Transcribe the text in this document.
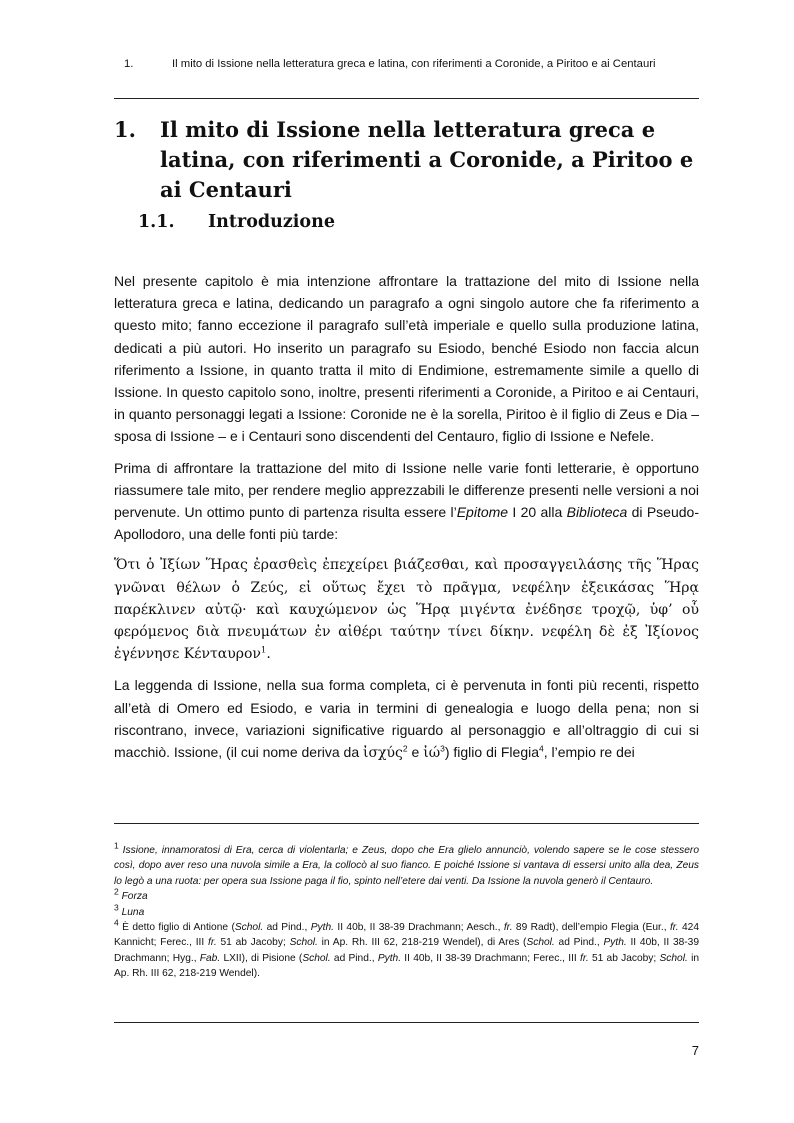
1.	Il mito di Issione nella letteratura greca e latina, con riferimenti a Coronide, a Piritoo e ai Centauri
1. Il mito di Issione nella letteratura greca e latina, con riferimenti a Coronide, a Piritoo e ai Centauri
1.1. Introduzione

Nel presente capitolo è mia intenzione affrontare la trattazione del mito di Issione nella letteratura greca e latina, dedicando un paragrafo a ogni singolo autore che fa riferimento a questo mito; fanno eccezione il paragrafo sull’età imperiale e quello sulla produzione latina, dedicati a più autori. Ho inserito un paragrafo su Esiodo, benché Esiodo non faccia alcun riferimento a Issione, in quanto tratta il mito di Endimione, estremamente simile a quello di Issione. In questo capitolo sono, inoltre, presenti riferimenti a Coronide, a Piritoo e ai Centauri, in quanto personaggi legati a Issione: Coronide ne è la sorella, Piritoo è il figlio di Zeus e Dia – sposa di Issione – e i Centauri sono discendenti del Centauro, figlio di Issione e Nefele.

Prima di affrontare la trattazione del mito di Issione nelle varie fonti letterarie, è opportuno riassumere tale mito, per rendere meglio apprezzabili le differenze presenti nelle versioni a noi pervenute. Un ottimo punto di partenza risulta essere l’Epitome I 20 alla Biblioteca di Pseudo-Apollodoro, una delle fonti più tarde:

Ὅτι ὁ Ἰξίων Ἥρας ἐρασθεὶς ἐπεχείρει βιάζεσθαι, καὶ προσαγγειλάσης τῆς Ἥρας γνῶναι θέλων ὁ Ζεύς, εἰ οὕτως ἔχει τὸ πρᾶγμα, νεφέλην ἐξεικάσας Ἥρᾳ παρέκλινεν αὐτῷ· καὶ καυχώμενον ὡς Ἥρᾳ μιγέντα ἐνέδησε τροχῷ, ὑφ’ οὗ φερόμενος διὰ πνευμάτων ἐν αἰθέρι ταύτην τίνει δίκην. νεφέλη δὲ ἐξ Ἰξίονος ἐγέννησε Κένταυρον$^1$.

La leggenda di Issione, nella sua forma completa, ci è pervenuta in fonti più recenti, rispetto all’età di Omero ed Esiodo, e varia in termini di genealogia e luogo della pena; non si riscontrano, invece, variazioni significative riguardo al personaggio e all’oltraggio di cui si macchiò. Issione, (il cui nome deriva da ἰσχύς$^2$ e ἰώ$^3$) figlio di Flegia$^4$, l’empio re dei

$^1$ Issione, innamoratosi di Era, cerca di violentarla; e Zeus, dopo che Era glielo annunciò, volendo sapere se le cose stessero così, dopo aver reso una nuvola simile a Era, la collocò al suo fianco. E poiché Issione si vantava di essersi unito alla dea, Zeus lo legò a una ruota: per opera sua Issione paga il fio, spinto nell’etere dai venti. Da Issione la nuvola generò il Centauro.

$^2$ Forza

$^3$ Luna

$^4$ È detto figlio di Antione (Schol. ad Pind., Pyth. II 40b, II 38-39 Drachmann; Aesch., fr. 89 Radt), dell’empio Flegia (Eur., fr. 424 Kannicht; Ferec., III fr. 51 ab Jacoby; Schol. in Ap. Rh. III 62, 218-219 Wendel), di Ares (Schol. ad Pind., Pyth. II 40b, II 38-39 Drachmann; Hyg., Fab. LXII), di Pisione (Schol. ad Pind., Pyth. II 40b, II 38-39 Drachmann; Ferec., III fr. 51 ab Jacoby; Schol. in Ap. Rh. III 62, 218-219 Wendel).

7
